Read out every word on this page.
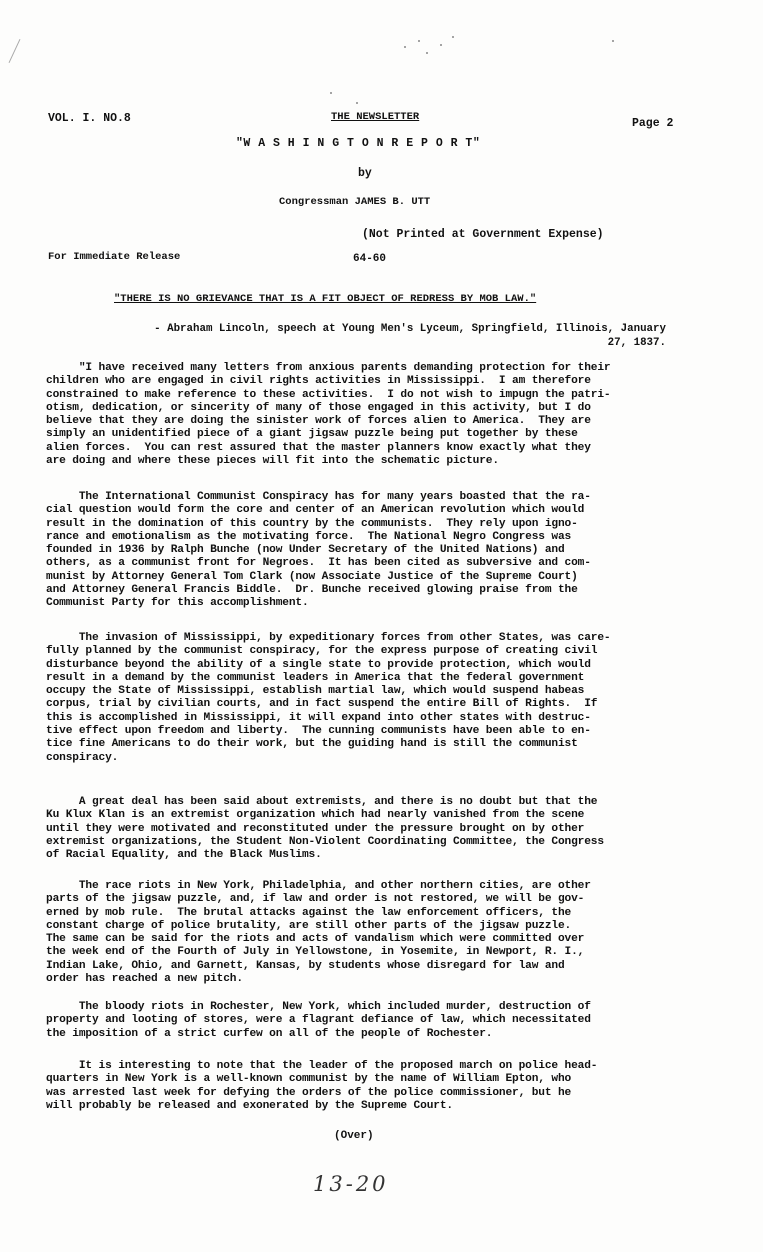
VOL. I. NO.8	THE NEWSLETTER	Page 2
"W A S H I N G T O N R E P O R T"
by
Congressman JAMES B. UTT
(Not Printed at Government Expense)
For Immediate Release	64-60
"THERE IS NO GRIEVANCE THAT IS A FIT OBJECT OF REDRESS BY MOB LAW."
- Abraham Lincoln, speech at Young Men's Lyceum, Springfield, Illinois, January 27, 1837.
"I have received many letters from anxious parents demanding protection for their
children who are engaged in civil rights activities in Mississippi.  I am therefore
constrained to make reference to these activities.  I do not wish to impugn the patri-
otism, dedication, or sincerity of many of those engaged in this activity, but I do
believe that they are doing the sinister work of forces alien to America.  They are
simply an unidentified piece of a giant jigsaw puzzle being put together by these
alien forces.  You can rest assured that the master planners know exactly what they
are doing and where these pieces will fit into the schematic picture.
The International Communist Conspiracy has for many years boasted that the ra-
cial question would form the core and center of an American revolution which would
result in the domination of this country by the communists.  They rely upon igno-
rance and emotionalism as the motivating force.  The National Negro Congress was
founded in 1936 by Ralph Bunche (now Under Secretary of the United Nations) and
others, as a communist front for Negroes.  It has been cited as subversive and com-
munist by Attorney General Tom Clark (now Associate Justice of the Supreme Court)
and Attorney General Francis Biddle.  Dr. Bunche received glowing praise from the
Communist Party for this accomplishment.
The invasion of Mississippi, by expeditionary forces from other States, was care-
fully planned by the communist conspiracy, for the express purpose of creating civil
disturbance beyond the ability of a single state to provide protection, which would
result in a demand by the communist leaders in America that the federal government
occupy the State of Mississippi, establish martial law, which would suspend habeas
corpus, trial by civilian courts, and in fact suspend the entire Bill of Rights.  If
this is accomplished in Mississippi, it will expand into other states with destruc-
tive effect upon freedom and liberty.  The cunning communists have been able to en-
tice fine Americans to do their work, but the guiding hand is still the communist
conspiracy.
A great deal has been said about extremists, and there is no doubt but that the
Ku Klux Klan is an extremist organization which had nearly vanished from the scene
until they were motivated and reconstituted under the pressure brought on by other
extremist organizations, the Student Non-Violent Coordinating Committee, the Congress
of Racial Equality, and the Black Muslims.
The race riots in New York, Philadelphia, and other northern cities, are other
parts of the jigsaw puzzle, and, if law and order is not restored, we will be gov-
erned by mob rule.  The brutal attacks against the law enforcement officers, the
constant charge of police brutality, are still other parts of the jigsaw puzzle.
The same can be said for the riots and acts of vandalism which were committed over
the week end of the Fourth of July in Yellowstone, in Yosemite, in Newport, R. I.,
Indian Lake, Ohio, and Garnett, Kansas, by students whose disregard for law and
order has reached a new pitch.
The bloody riots in Rochester, New York, which included murder, destruction of
property and looting of stores, were a flagrant defiance of law, which necessitated
the imposition of a strict curfew on all of the people of Rochester.
It is interesting to note that the leader of the proposed march on police head-
quarters in New York is a well-known communist by the name of William Epton, who
was arrested last week for defying the orders of the police commissioner, but he
will probably be released and exonerated by the Supreme Court.
(Over)
13-20
